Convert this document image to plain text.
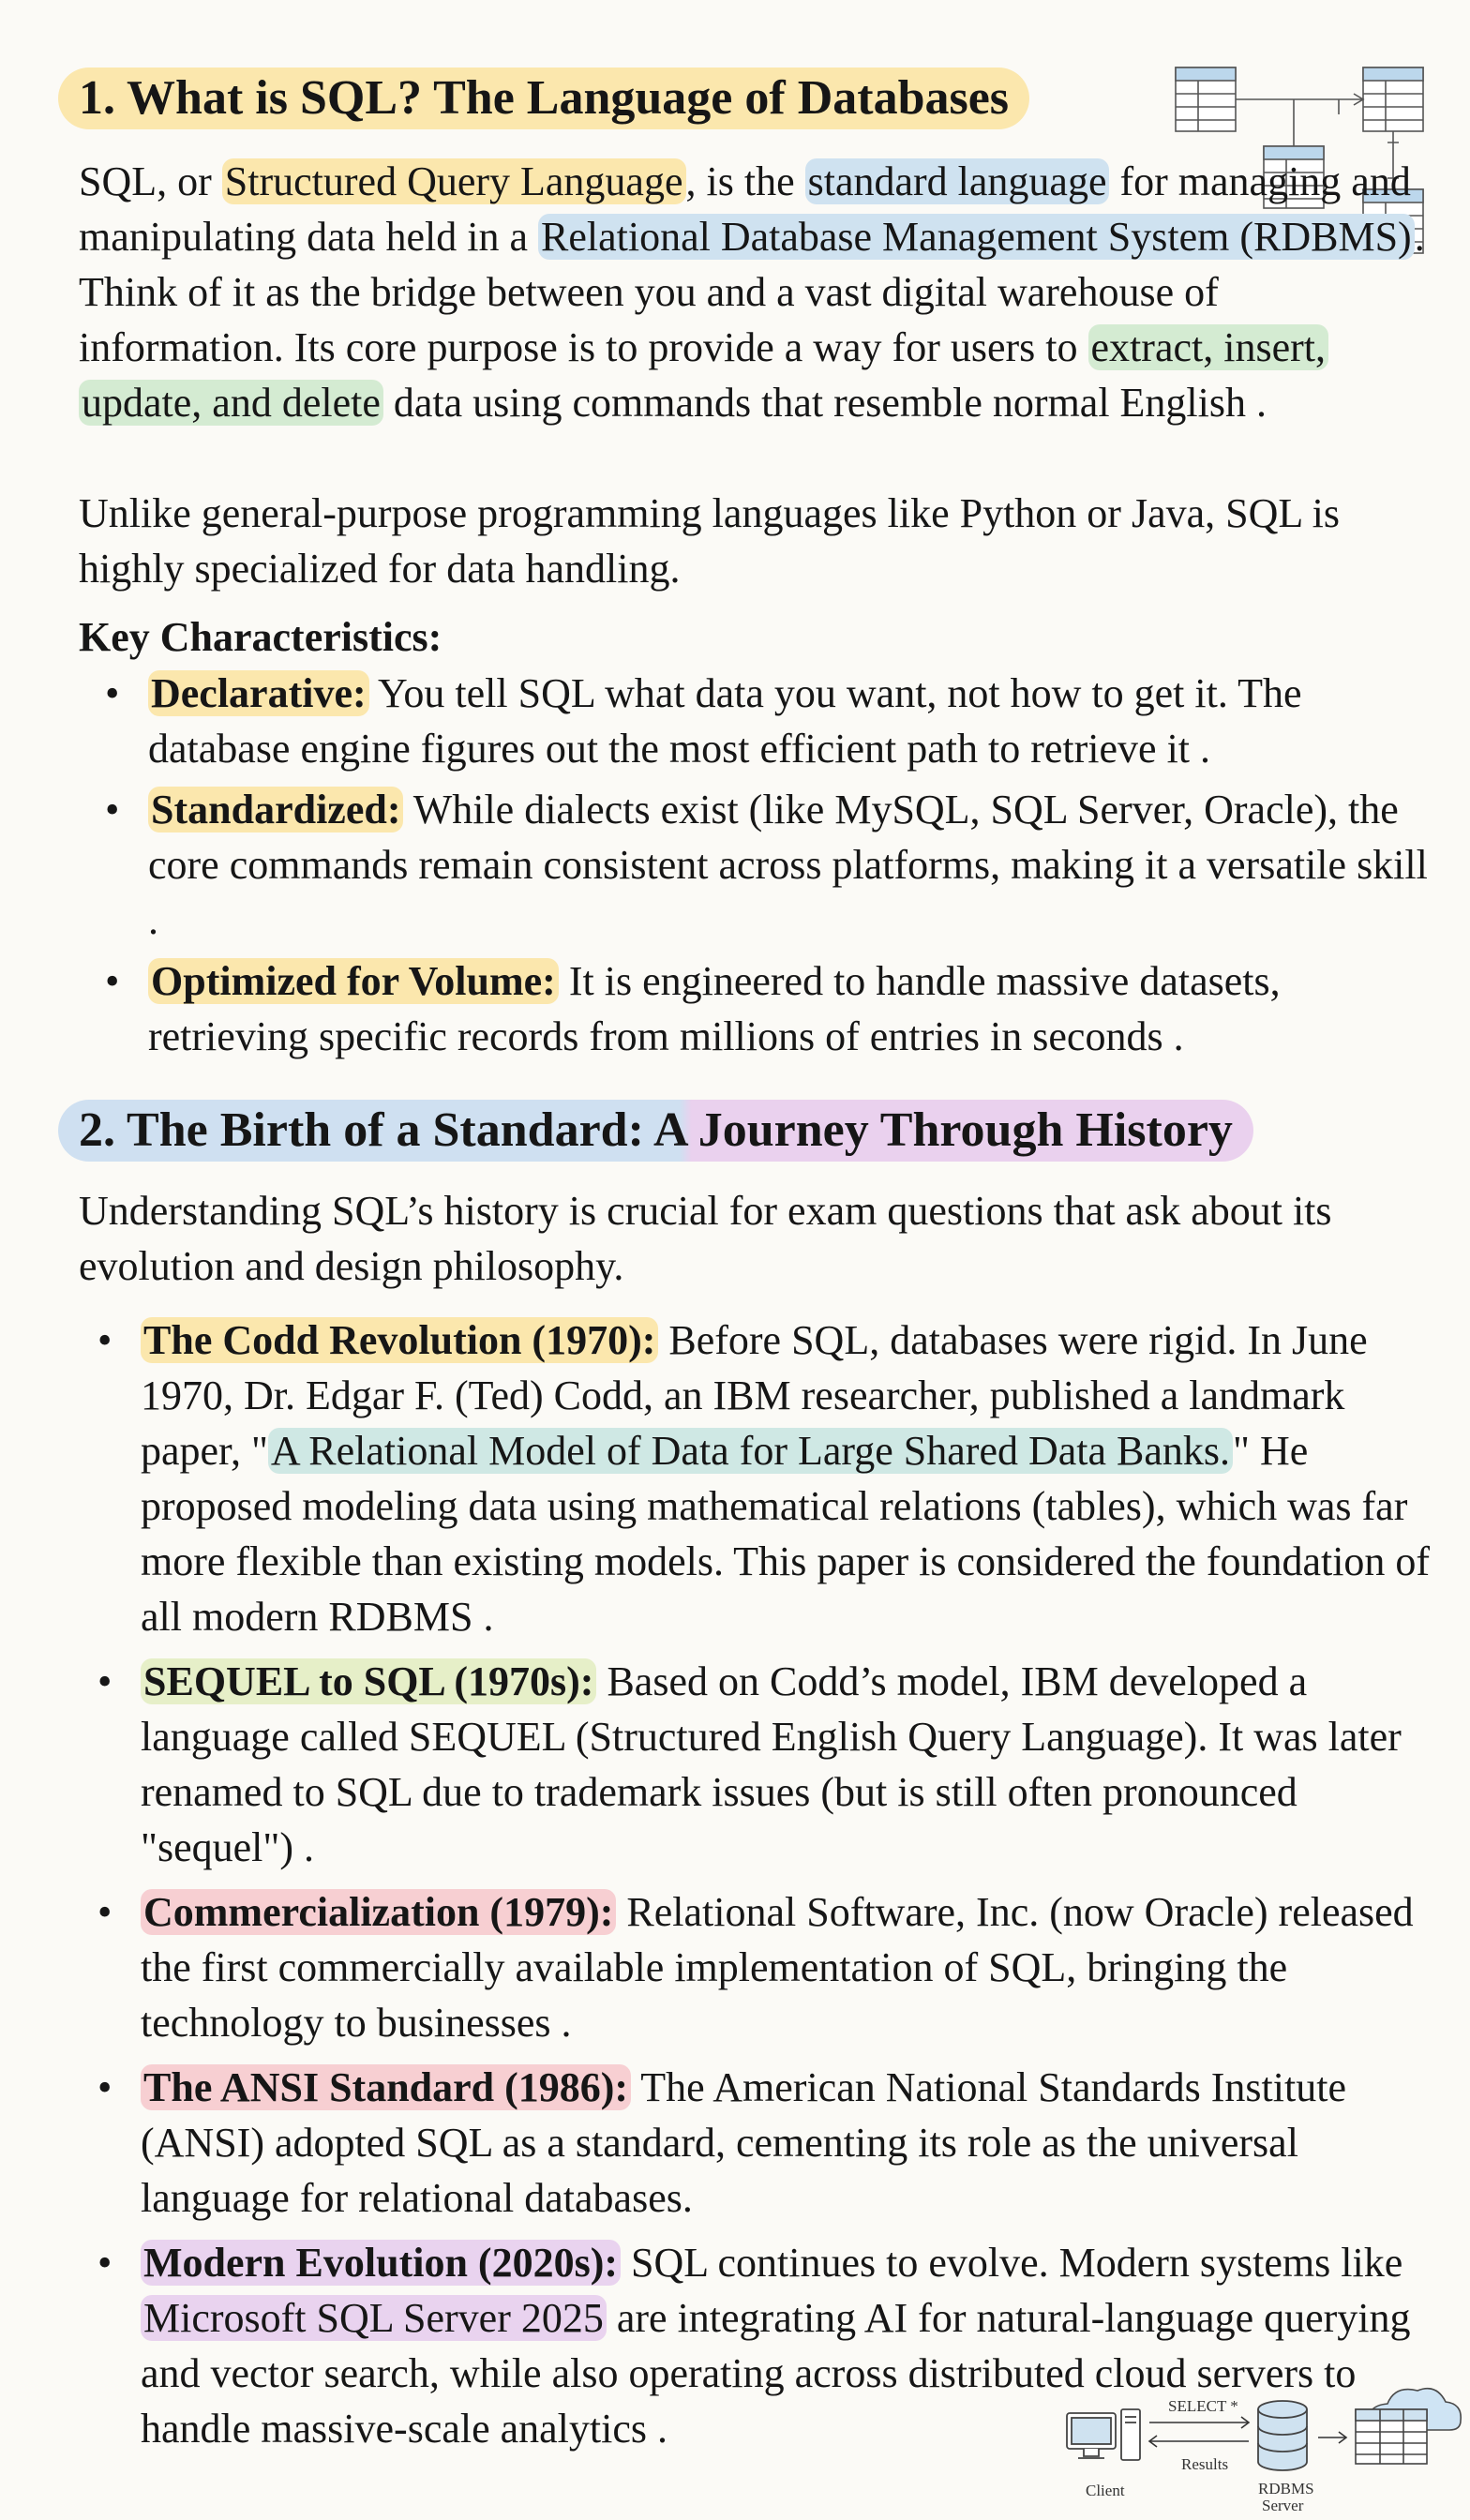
1. What is SQL? The Language of Databases

SQL, or Structured Query Language, is the standard language for managing and manipulating data held in a Relational Database Management System (RDBMS). Think of it as the bridge between you and a vast digital warehouse of information. Its core purpose is to provide a way for users to extract, insert, update, and delete data using commands that resemble normal English .

Unlike general-purpose programming languages like Python or Java, SQL is highly specialized for data handling.

Key Characteristics:
• Declarative: You tell SQL what data you want, not how to get it. The database engine figures out the most efficient path to retrieve it .
• Standardized: While dialects exist (like MySQL, SQL Server, Oracle), the core commands remain consistent across platforms, making it a versatile skill .
• Optimized for Volume: It is engineered to handle massive datasets, retrieving specific records from millions of entries in seconds .
2. The Birth of a Standard: A Journey Through History

Understanding SQL’s history is crucial for exam questions that ask about its evolution and design philosophy.

• The Codd Revolution (1970): Before SQL, databases were rigid. In June 1970, Dr. Edgar F. (Ted) Codd, an IBM researcher, published a landmark paper, "A Relational Model of Data for Large Shared Data Banks." He proposed modeling data using mathematical relations (tables), which was far more flexible than existing models. This paper is considered the foundation of all modern RDBMS .
• SEQUEL to SQL (1970s): Based on Codd’s model, IBM developed a language called SEQUEL (Structured English Query Language). It was later renamed to SQL due to trademark issues (but is still often pronounced "sequel") .
• Commercialization (1979): Relational Software, Inc. (now Oracle) released the first commercially available implementation of SQL, bringing the technology to businesses .
• The ANSI Standard (1986): The American National Standards Institute (ANSI) adopted SQL as a standard, cementing its role as the universal language for relational databases.
• Modern Evolution (2020s): SQL continues to evolve. Modern systems like Microsoft SQL Server 2025 are integrating AI for natural-language querying and vector search, while also operating across distributed cloud servers to handle massive-scale analytics .
Client
SELECT *
Results
RDBMS
Server
